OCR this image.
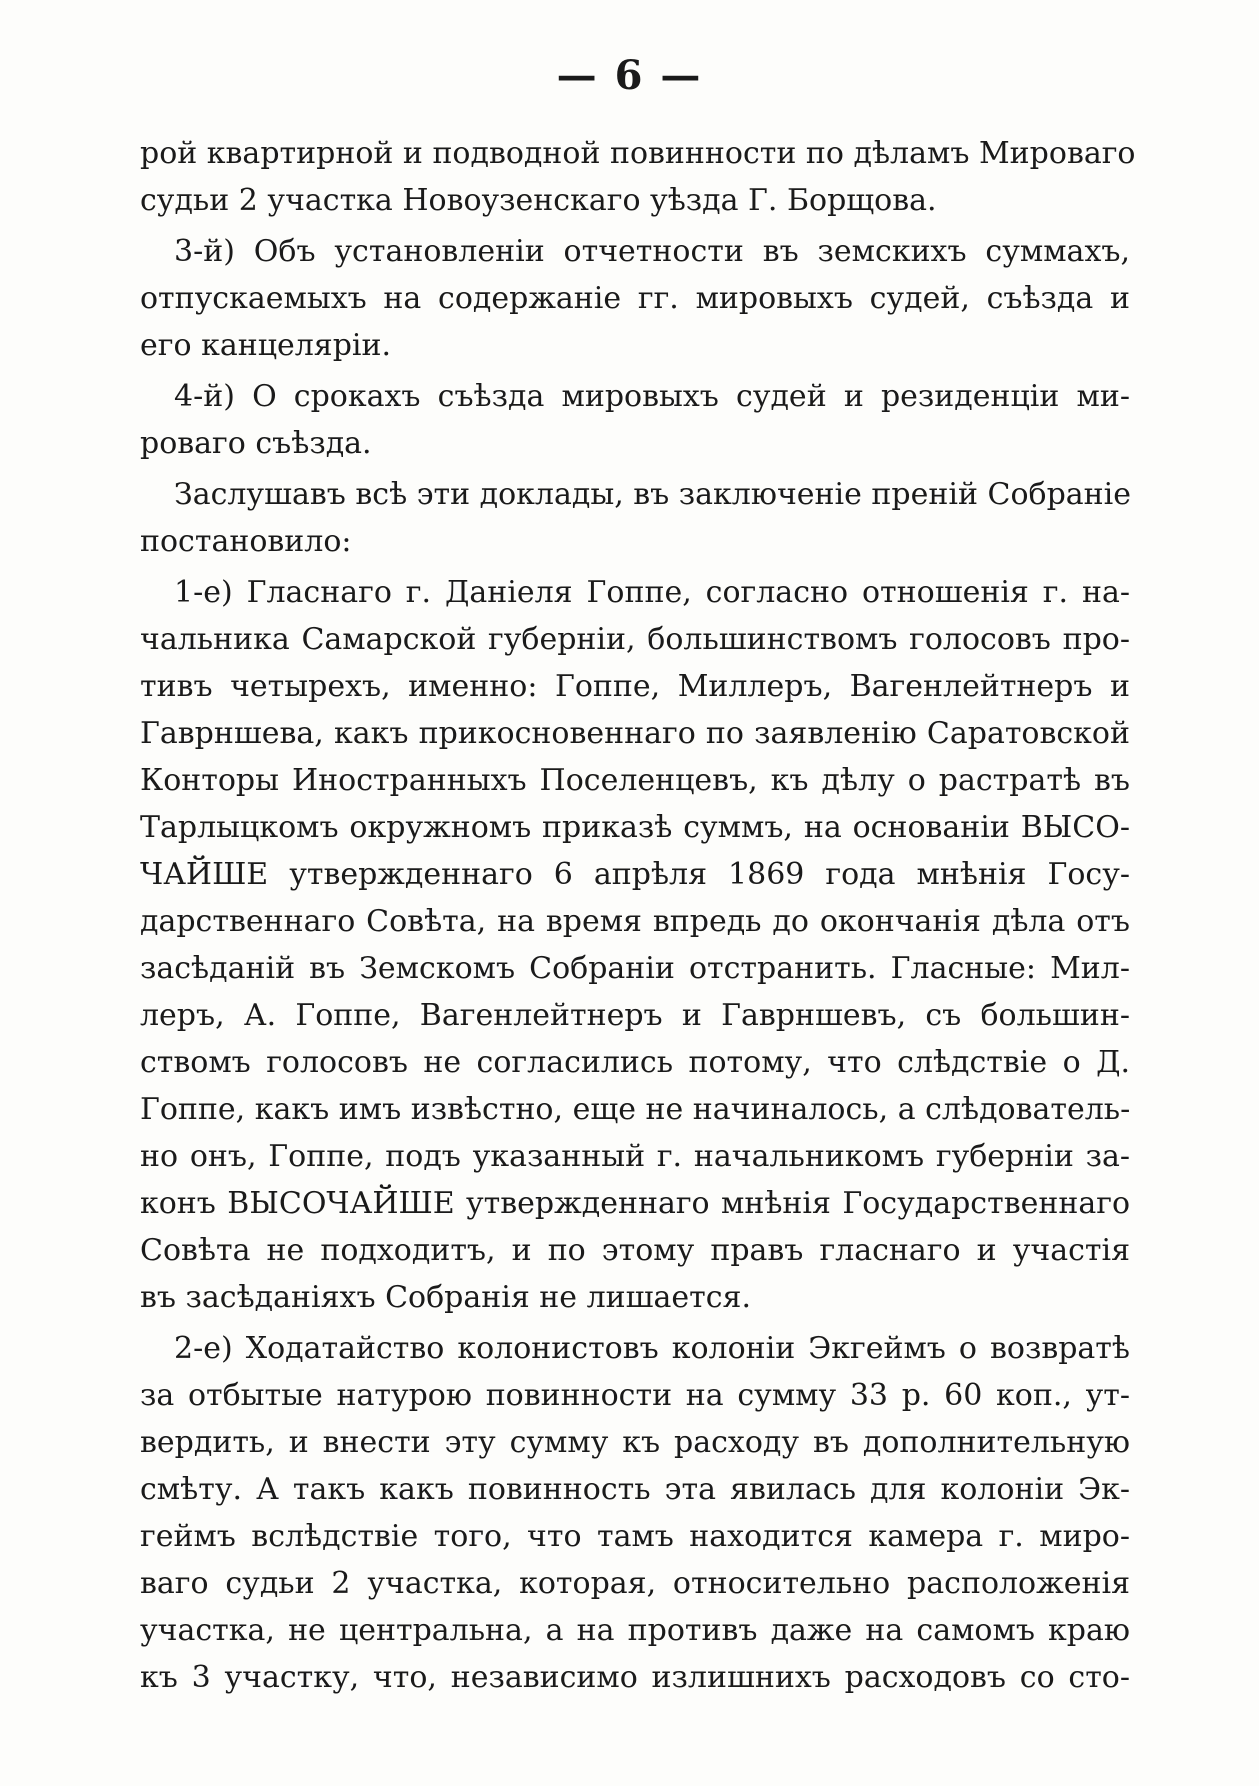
— 6 —
рой квартирной и подводной повинности по дѣламъ Мироваго
судьи 2 участка Новоузенскаго уѣзда Г. Борщова.
3-й) Объ установленіи отчетности въ земскихъ суммахъ,
отпускаемыхъ на содержаніе гг. мировыхъ судей, съѣзда и
его канцеляріи.
4-й) О срокахъ съѣзда мировыхъ судей и резиденціи ми-
роваго съѣзда.
Заслушавъ всѣ эти доклады, въ заключеніе преній Собраніе
постановило:
1-е) Гласнаго г. Даніеля Гоппе, согласно отношенія г. на-
чальника Самарской губерніи, большинствомъ голосовъ про-
тивъ четырехъ, именно: Гоппе, Миллеръ, Вагенлейтнеръ и
Гаврншева, какъ прикосновеннаго по заявленію Саратовской
Конторы Иностранныхъ Поселенцевъ, къ дѣлу о растратѣ въ
Тарлыцкомъ окружномъ приказѣ суммъ, на основаніи ВЫСО-
ЧАЙШЕ утвержденнаго 6 апрѣля 1869 года мнѣнія Госу-
дарственнаго Совѣта, на время впредь до окончанія дѣла отъ
засѣданій въ Земскомъ Собраніи отстранить. Гласные: Мил-
леръ, А. Гоппе, Вагенлейтнеръ и Гаврншевъ, съ большин-
ствомъ голосовъ не согласились потому, что слѣдствіе о Д.
Гоппе, какъ имъ извѣстно, еще не начиналось, а слѣдователь-
но онъ, Гоппе, подъ указанный г. начальникомъ губерніи за-
конъ ВЫСОЧАЙШЕ утвержденнаго мнѣнія Государственнаго
Совѣта не подходитъ, и по этому правъ гласнаго и участія
въ засѣданіяхъ Собранія не лишается.
2-е) Ходатайство колонистовъ колоніи Экгеймъ о возвратѣ
за отбытые натурою повинности на сумму 33 р. 60 коп., ут-
вердить, и внести эту сумму къ расходу въ дополнительную
смѣту. А такъ какъ повинность эта явилась для колоніи Эк-
геймъ вслѣдствіе того, что тамъ находится камера г. миро-
ваго судьи 2 участка, которая, относительно расположенія
участка, не центральна, а на противъ даже на самомъ краю
къ 3 участку, что, независимо излишнихъ расходовъ со сто-
